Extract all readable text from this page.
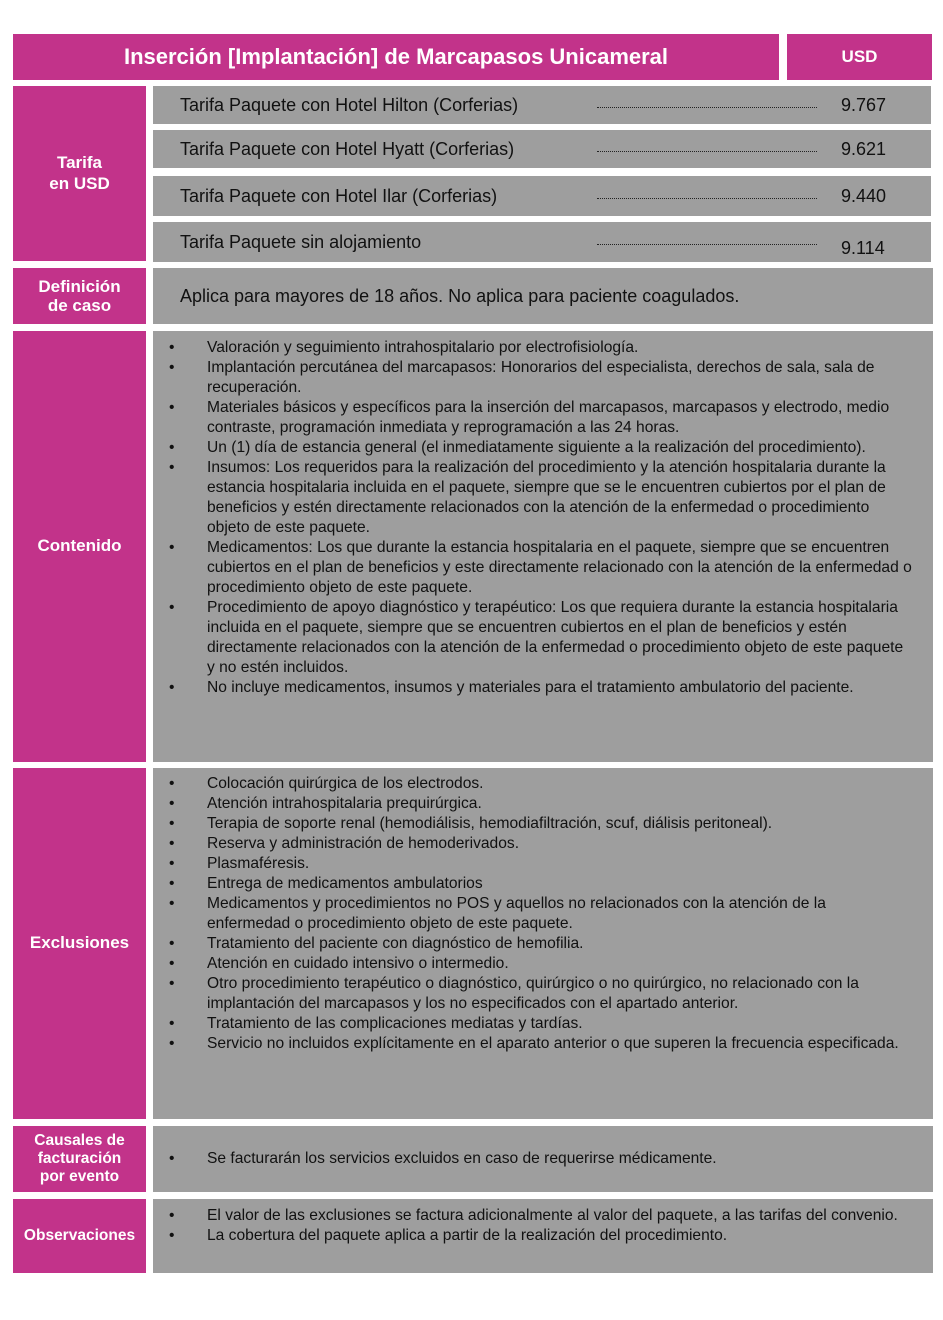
Inserción [Implantación] de Marcapasos Unicameral	USD
Tarifa
en USD
Tarifa Paquete con Hotel Hilton (Corferias)	9.767
Tarifa Paquete con Hotel Hyatt (Corferias)	9.621
Tarifa Paquete con Hotel Ilar (Corferias)	9.440
Tarifa Paquete sin alojamiento	9.114
Definición
de caso	Aplica para mayores de 18 años. No aplica para paciente coagulados.
Contenido
• Valoración y seguimiento intrahospitalario por electrofisiología.
• Implantación percutánea del marcapasos: Honorarios del especialista, derechos de sala, sala de recuperación.
• Materiales básicos y específicos para la inserción del marcapasos, marcapasos y electrodo, medio contraste, programación inmediata y reprogramación a las 24 horas.
• Un (1) día de estancia general (el inmediatamente siguiente a la realización del procedimiento).
• Insumos: Los requeridos para la realización del procedimiento y la atención hospitalaria durante la estancia hospitalaria incluida en el paquete, siempre que se le encuentren cubiertos por el plan de beneficios y estén directamente relacionados con la atención de la enfermedad o procedimiento objeto de este paquete.
• Medicamentos: Los que durante la estancia hospitalaria en el paquete, siempre que se encuentren cubiertos en el plan de beneficios y este directamente relacionado con la atención de la enfermedad o procedimiento objeto de este paquete.
• Procedimiento de apoyo diagnóstico y terapéutico: Los que requiera durante la estancia hospitalaria incluida en el paquete, siempre que se encuentren cubiertos en el plan de beneficios y estén directamente relacionados con la atención de la enfermedad o procedimiento objeto de este paquete y no estén incluidos.
• No incluye medicamentos, insumos y materiales para el tratamiento ambulatorio del paciente.
Exclusiones
• Colocación quirúrgica de los electrodos.
• Atención intrahospitalaria prequirúrgica.
• Terapia de soporte renal (hemodiálisis, hemodiafiltración, scuf, diálisis peritoneal).
• Reserva y administración de hemoderivados.
• Plasmaféresis.
• Entrega de medicamentos ambulatorios
• Medicamentos y procedimientos no POS y aquellos no relacionados con la atención de la enfermedad o procedimiento objeto de este paquete.
• Tratamiento del paciente con diagnóstico de hemofilia.
• Atención en cuidado intensivo o intermedio.
• Otro procedimiento terapéutico o diagnóstico, quirúrgico o no quirúrgico, no relacionado con la implantación del marcapasos y los no especificados con el apartado anterior.
• Tratamiento de las complicaciones mediatas y tardías.
• Servicio no incluidos explícitamente en el aparato anterior o que superen la frecuencia especificada.
Causales de
facturación
por evento
• Se facturarán los servicios excluidos en caso de requerirse médicamente.
Observaciones
• El valor de las exclusiones se factura adicionalmente al valor del paquete, a las tarifas del convenio.
• La cobertura del paquete aplica a partir de la realización del procedimiento.
